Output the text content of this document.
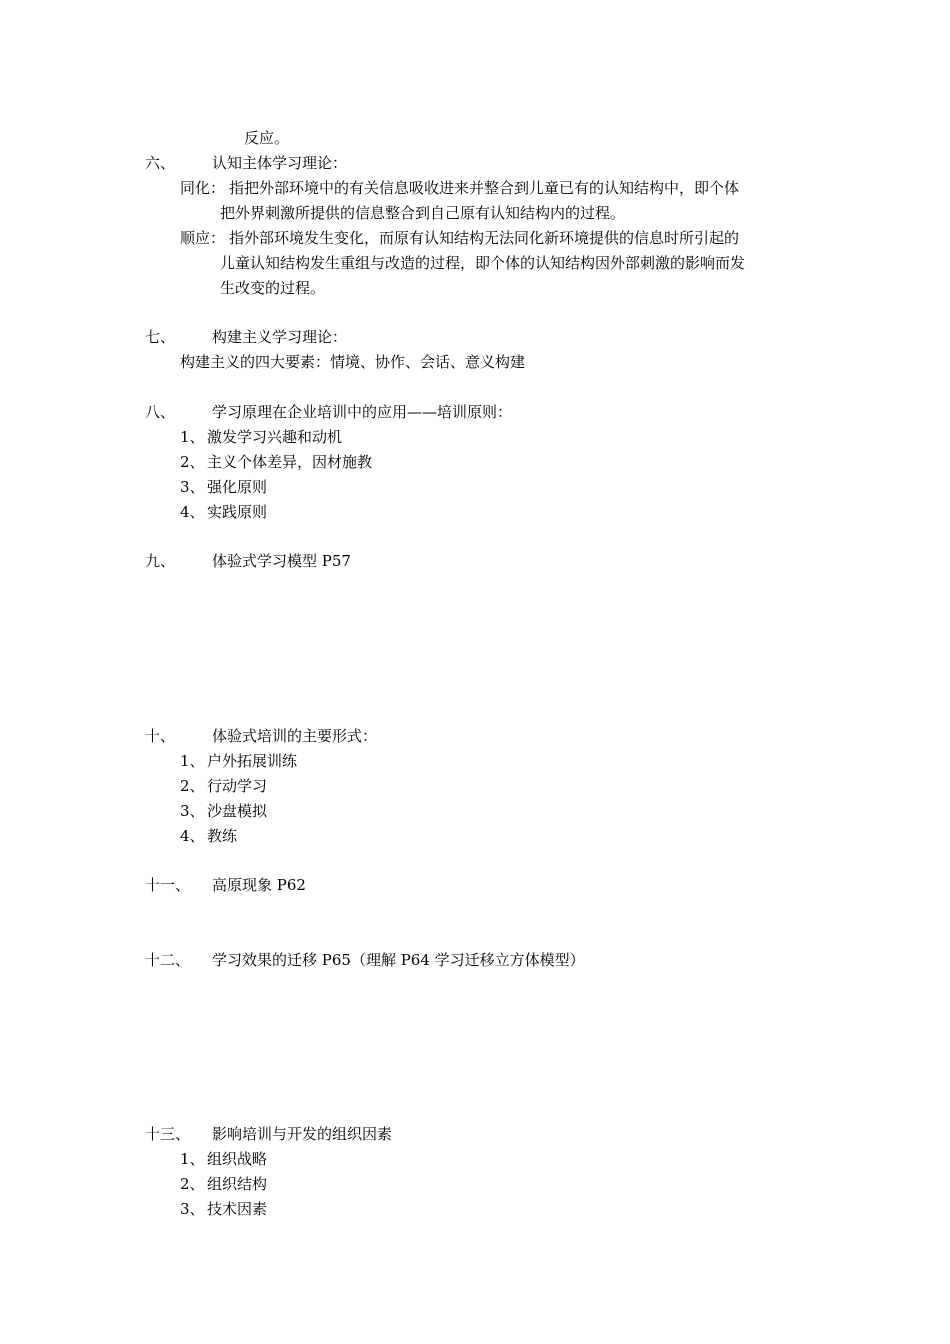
反应。
六、 认知主体学习理论：
同化： 指把外部环境中的有关信息吸收进来并整合到儿童已有的认知结构中，即个体
把外界刺激所提供的信息整合到自己原有认知结构内的过程。
顺应： 指外部环境发生变化，而原有认知结构无法同化新环境提供的信息时所引起的
儿童认知结构发生重组与改造的过程，即个体的认知结构因外部刺激的影响而发
生改变的过程。
七、 构建主义学习理论：
构建主义的四大要素：情境、协作、会话、意义构建
八、 学习原理在企业培训中的应用——培训原则：
1、 激发学习兴趣和动机
2、 主义个体差异，因材施教
3、 强化原则
4、 实践原则
九、 体验式学习模型 P57
十、 体验式培训的主要形式：
1、 户外拓展训练
2、 行动学习
3、 沙盘模拟
4、 教练
十一、 高原现象 P62
十二、 学习效果的迁移 P65（理解 P64 学习迁移立方体模型）
十三、 影响培训与开发的组织因素
1、 组织战略
2、 组织结构
3、 技术因素
